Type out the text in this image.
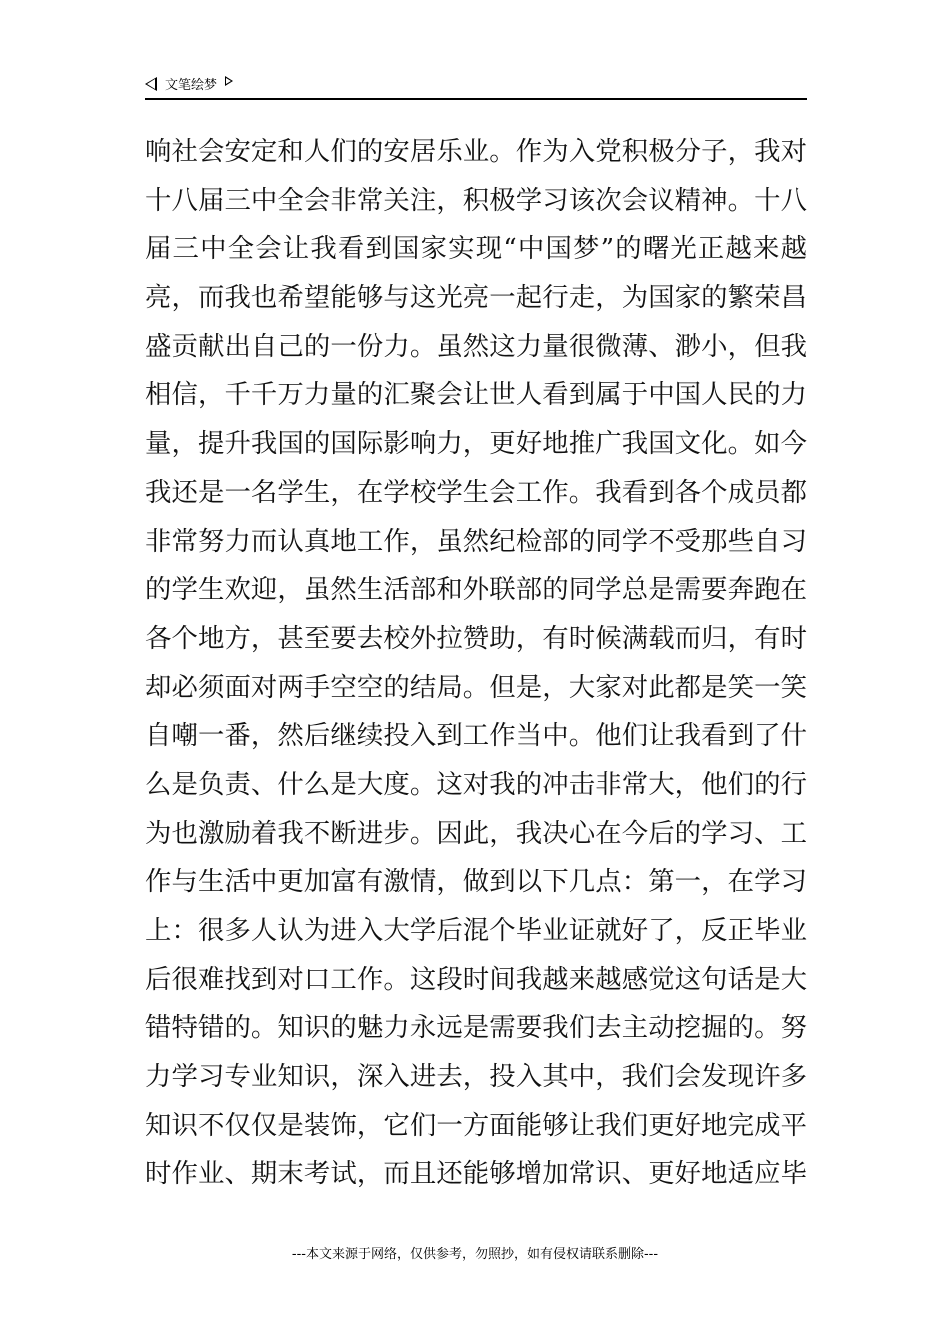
文笔绘梦
响社会安定和人们的安居乐业。作为入党积极分子，我对
十八届三中全会非常关注，积极学习该次会议精神。十八
届三中全会让我看到国家实现“中国梦”的曙光正越来越
亮，而我也希望能够与这光亮一起行走，为国家的繁荣昌
盛贡献出自己的一份力。虽然这力量很微薄、渺小，但我
相信，千千万力量的汇聚会让世人看到属于中国人民的力
量，提升我国的国际影响力，更好地推广我国文化。如今
我还是一名学生，在学校学生会工作。我看到各个成员都
非常努力而认真地工作，虽然纪检部的同学不受那些自习
的学生欢迎，虽然生活部和外联部的同学总是需要奔跑在
各个地方，甚至要去校外拉赞助，有时候满载而归，有时
却必须面对两手空空的结局。但是，大家对此都是笑一笑
自嘲一番，然后继续投入到工作当中。他们让我看到了什
么是负责、什么是大度。这对我的冲击非常大，他们的行
为也激励着我不断进步。因此，我决心在今后的学习、工
作与生活中更加富有激情，做到以下几点：第一，在学习
上：很多人认为进入大学后混个毕业证就好了，反正毕业
后很难找到对口工作。这段时间我越来越感觉这句话是大
错特错的。知识的魅力永远是需要我们去主动挖掘的。努
力学习专业知识，深入进去，投入其中，我们会发现许多
知识不仅仅是装饰，它们一方面能够让我们更好地完成平
时作业、期末考试，而且还能够增加常识、更好地适应毕
---本文来源于网络，仅供参考，勿照抄，如有侵权请联系删除---
